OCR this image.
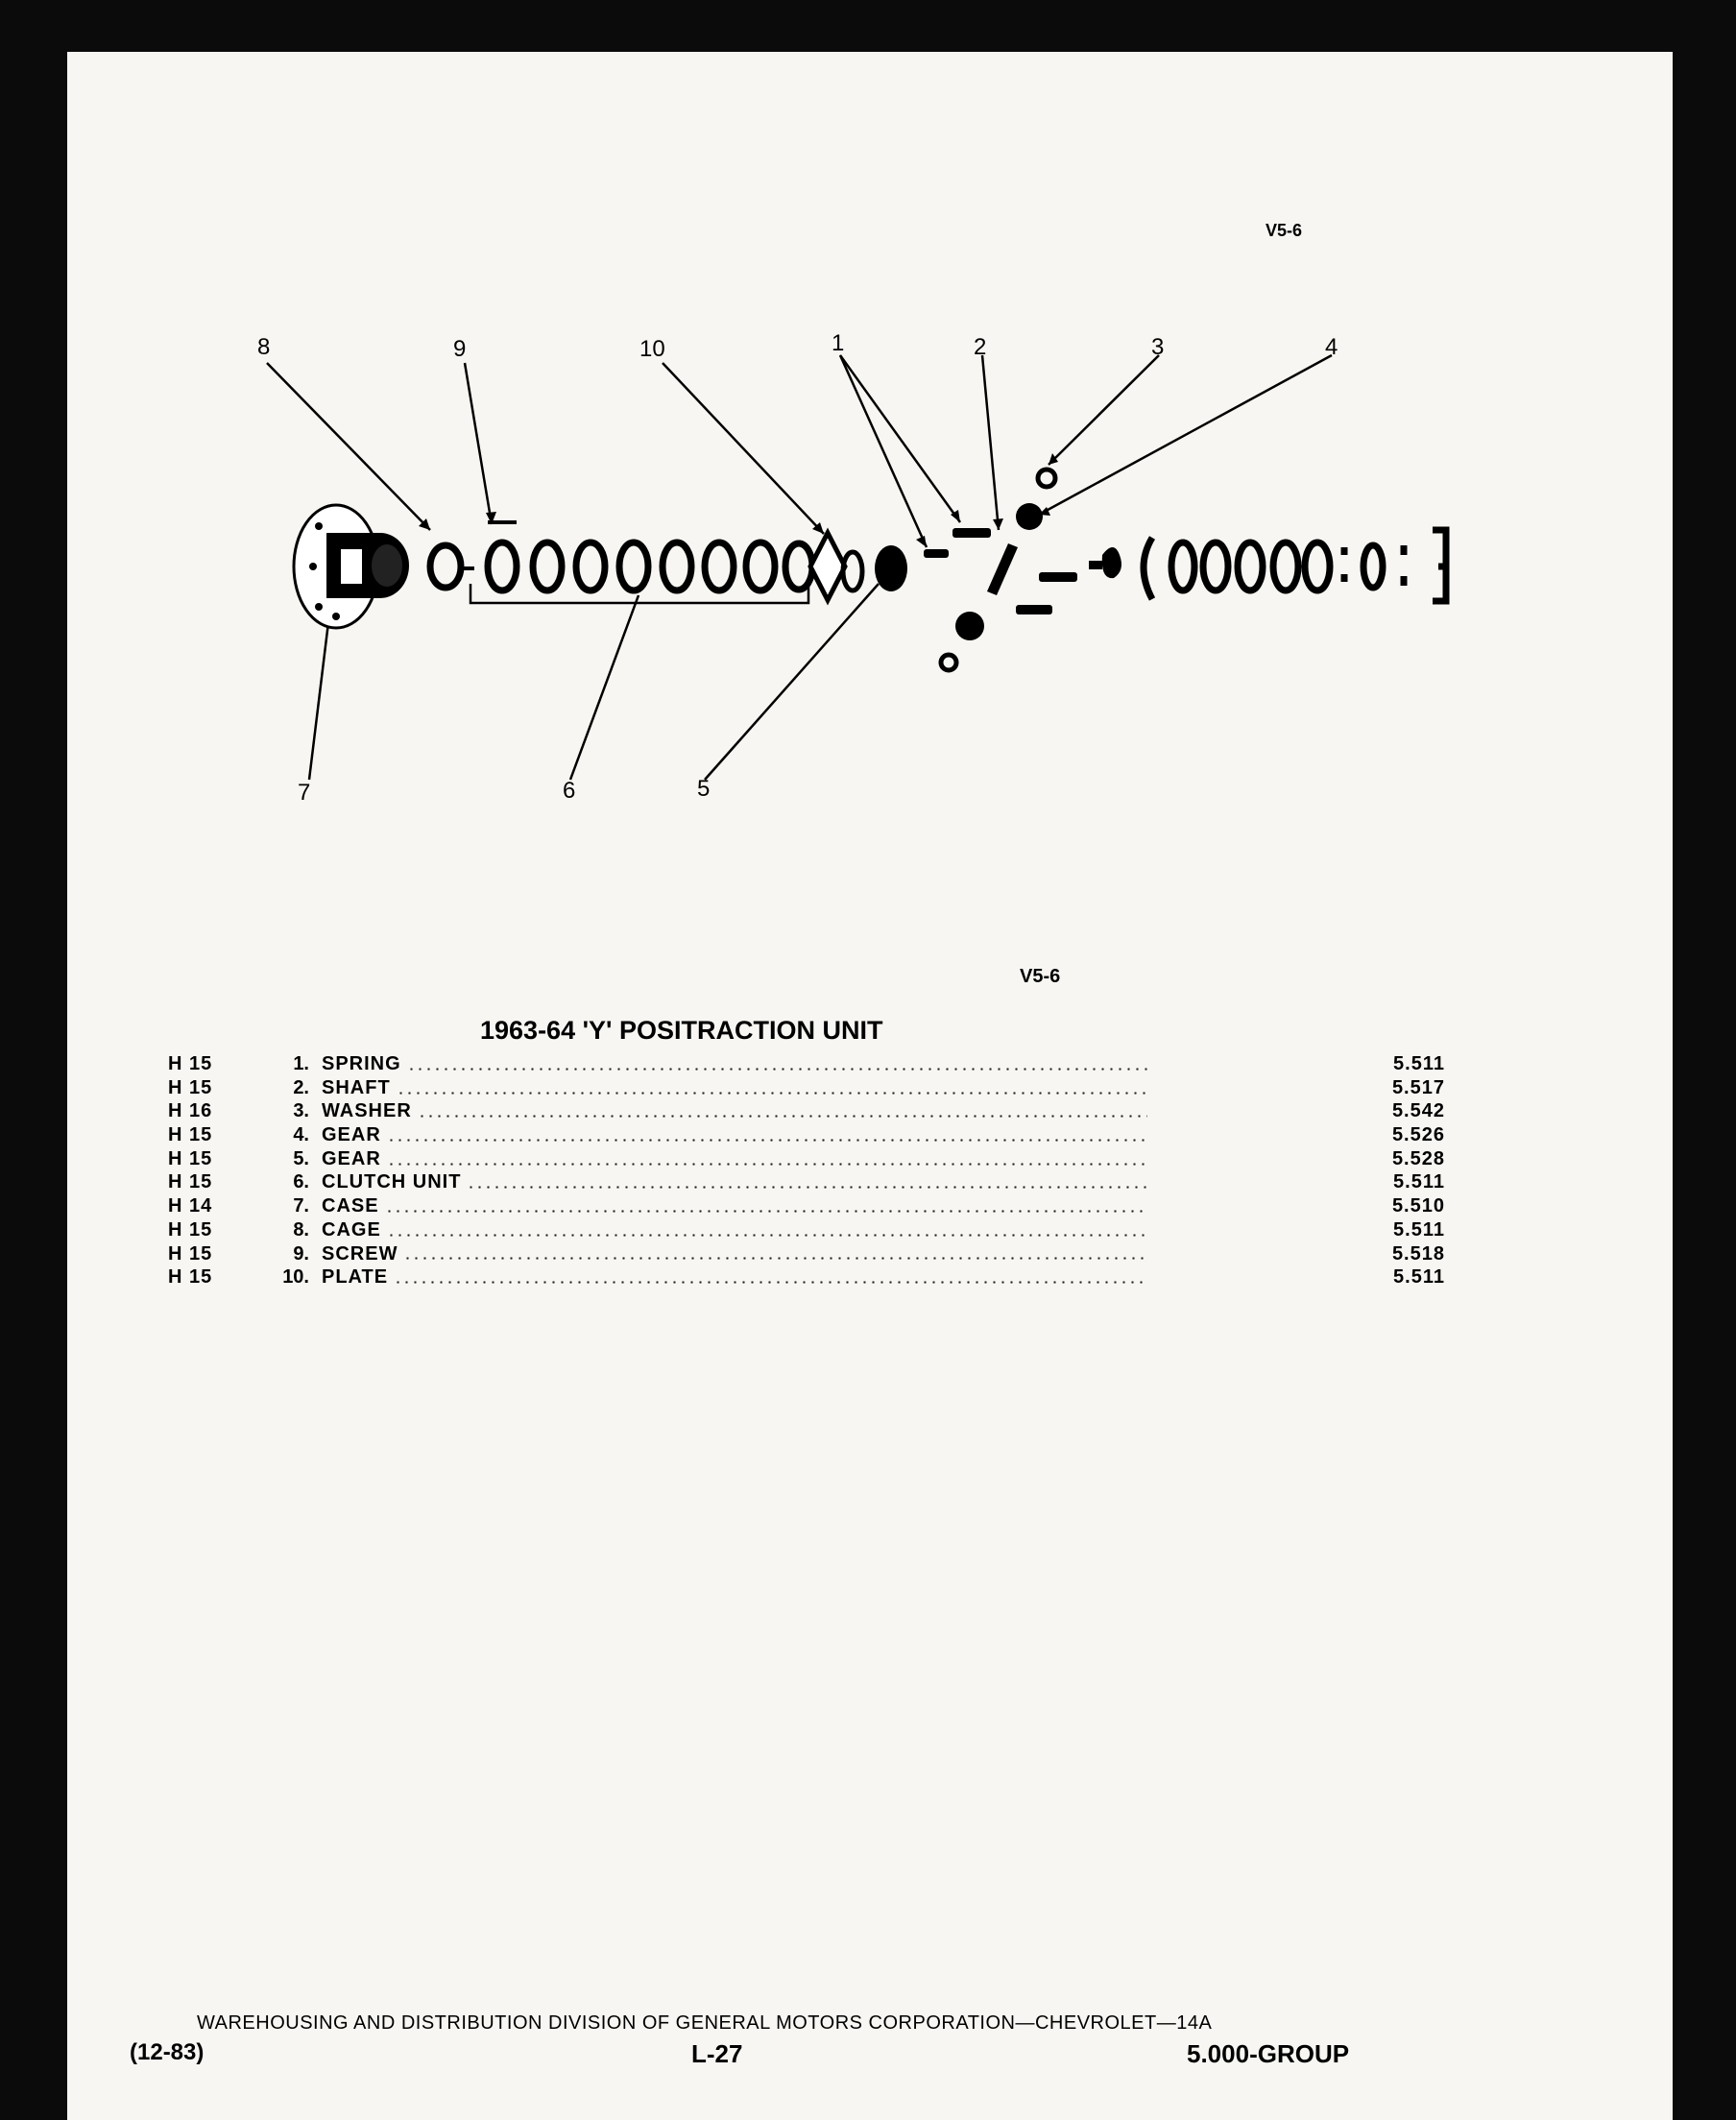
V5-6
8	9	10	1	2	3	4
5
6
7
V5-6
1963-64 'Y' POSITRACTION UNIT
H 15	1. SPRING	5.511
H 15	2. SHAFT	5.517
H 16	3. WASHER	5.542
H 15	4. GEAR	5.526
H 15	5. GEAR	5.528
H 15	6. CLUTCH UNIT	5.511
H 14	7. CASE	5.510
H 15	8. CAGE	5.511
H 15	9. SCREW	5.518
H 15	10. PLATE	5.511
WAREHOUSING AND DISTRIBUTION DIVISION OF GENERAL MOTORS CORPORATION—CHEVROLET—14A
(12-83)	L-27	5.000-GROUP
